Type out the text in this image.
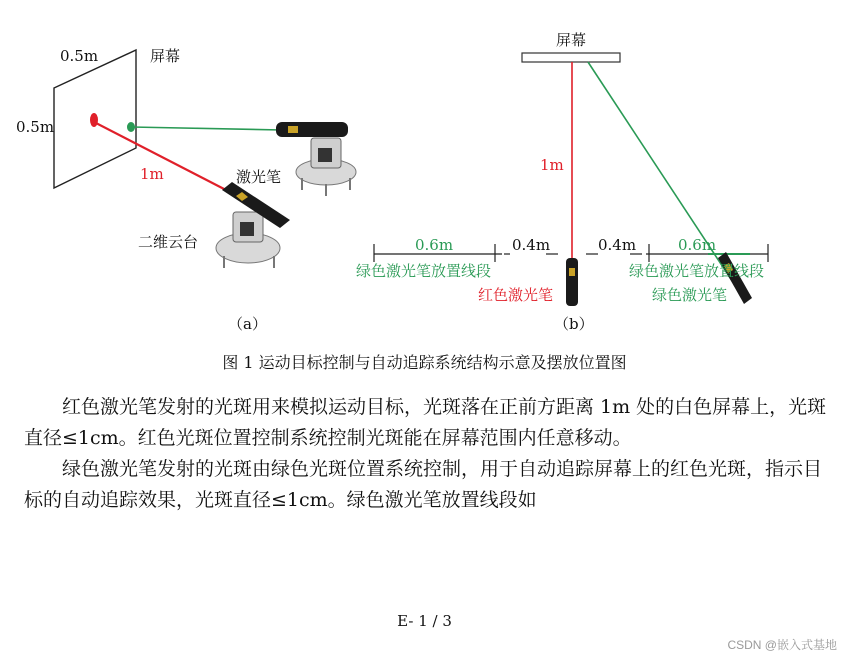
0.5m	屏幕
0.5m
1m	激光笔
二维云台
（a）
屏幕
1m
0.6m	0.4m	0.4m	0.6m
绿色激光笔放置线段	绿色激光笔放置线段
红色激光笔	绿色激光笔
（b）
图 1 运动目标控制与自动追踪系统结构示意及摆放位置图

红色激光笔发射的光斑用来模拟运动目标，光斑落在正前方距离 1m 处的白色屏幕上，光斑直径≤1cm。红色光斑位置控制系统控制光斑能在屏幕范围内任意移动。

绿色激光笔发射的光斑由绿色光斑位置系统控制，用于自动追踪屏幕上的红色光斑，指示目标的自动追踪效果，光斑直径≤1cm。绿色激光笔放置线段如

E- 1 / 3
CSDN @嵌入式基地
